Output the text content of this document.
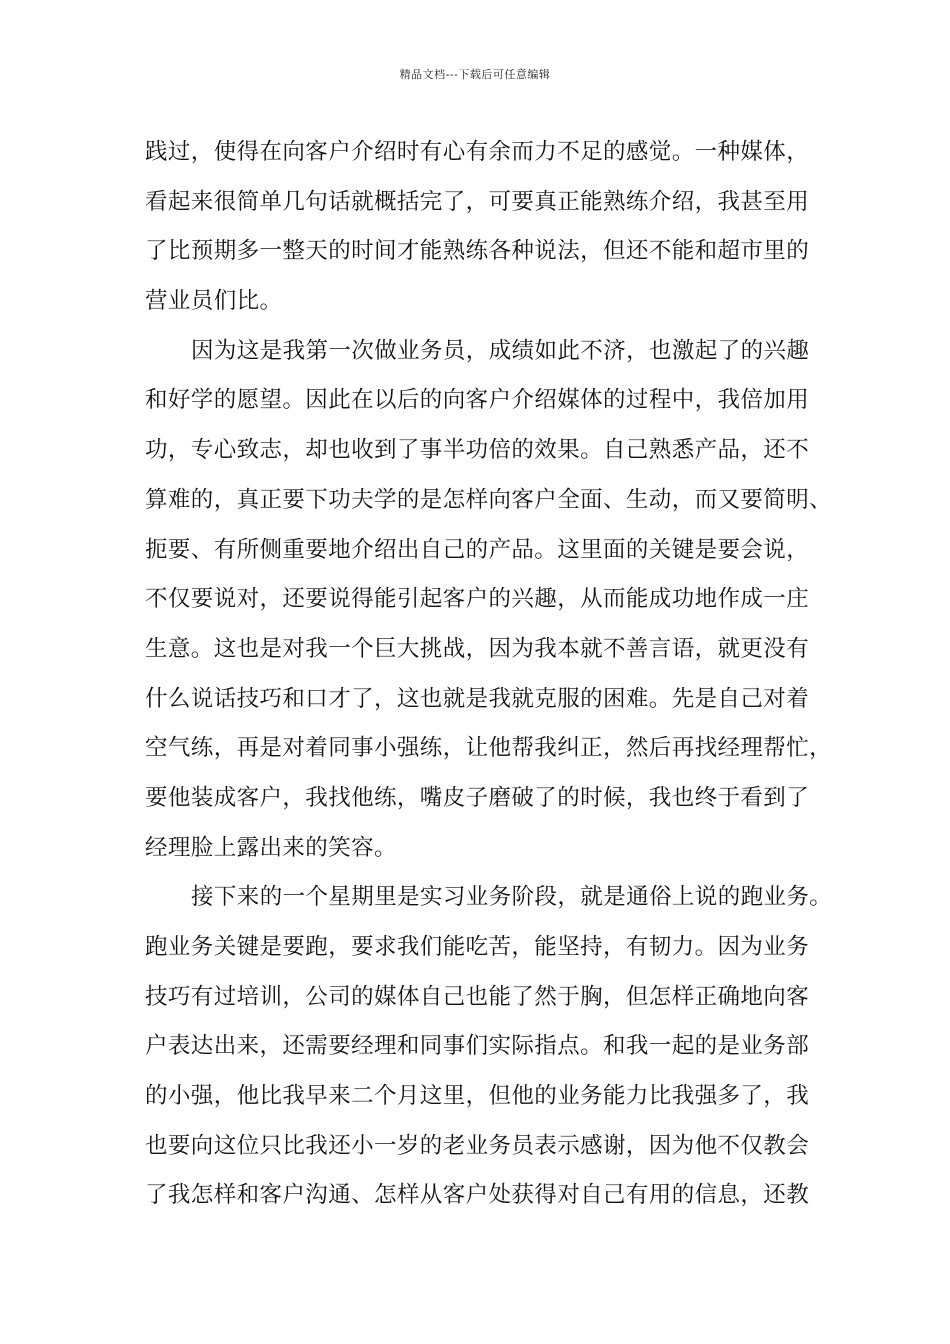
精品文档---下载后可任意编辑
践过，使得在向客户介绍时有心有余而力不足的感觉。一种媒体，
看起来很简单几句话就概括完了，可要真正能熟练介绍，我甚至用
了比预期多一整天的时间才能熟练各种说法，但还不能和超市里的
营业员们比。
因为这是我第一次做业务员，成绩如此不济，也激起了的兴趣
和好学的愿望。因此在以后的向客户介绍媒体的过程中，我倍加用
功，专心致志，却也收到了事半功倍的效果。自己熟悉产品，还不
算难的，真正要下功夫学的是怎样向客户全面、生动，而又要简明、
扼要、有所侧重要地介绍出自己的产品。这里面的关键是要会说，
不仅要说对，还要说得能引起客户的兴趣，从而能成功地作成一庄
生意。这也是对我一个巨大挑战，因为我本就不善言语，就更没有
什么说话技巧和口才了，这也就是我就克服的困难。先是自己对着
空气练，再是对着同事小强练，让他帮我纠正，然后再找经理帮忙，
要他装成客户，我找他练，嘴皮子磨破了的时候，我也终于看到了
经理脸上露出来的笑容。
接下来的一个星期里是实习业务阶段，就是通俗上说的跑业务。
跑业务关键是要跑，要求我们能吃苦，能坚持，有韧力。因为业务
技巧有过培训，公司的媒体自己也能了然于胸，但怎样正确地向客
户表达出来，还需要经理和同事们实际指点。和我一起的是业务部
的小强，他比我早来二个月这里，但他的业务能力比我强多了，我
也要向这位只比我还小一岁的老业务员表示感谢，因为他不仅教会
了我怎样和客户沟通、怎样从客户处获得对自己有用的信息，还教
